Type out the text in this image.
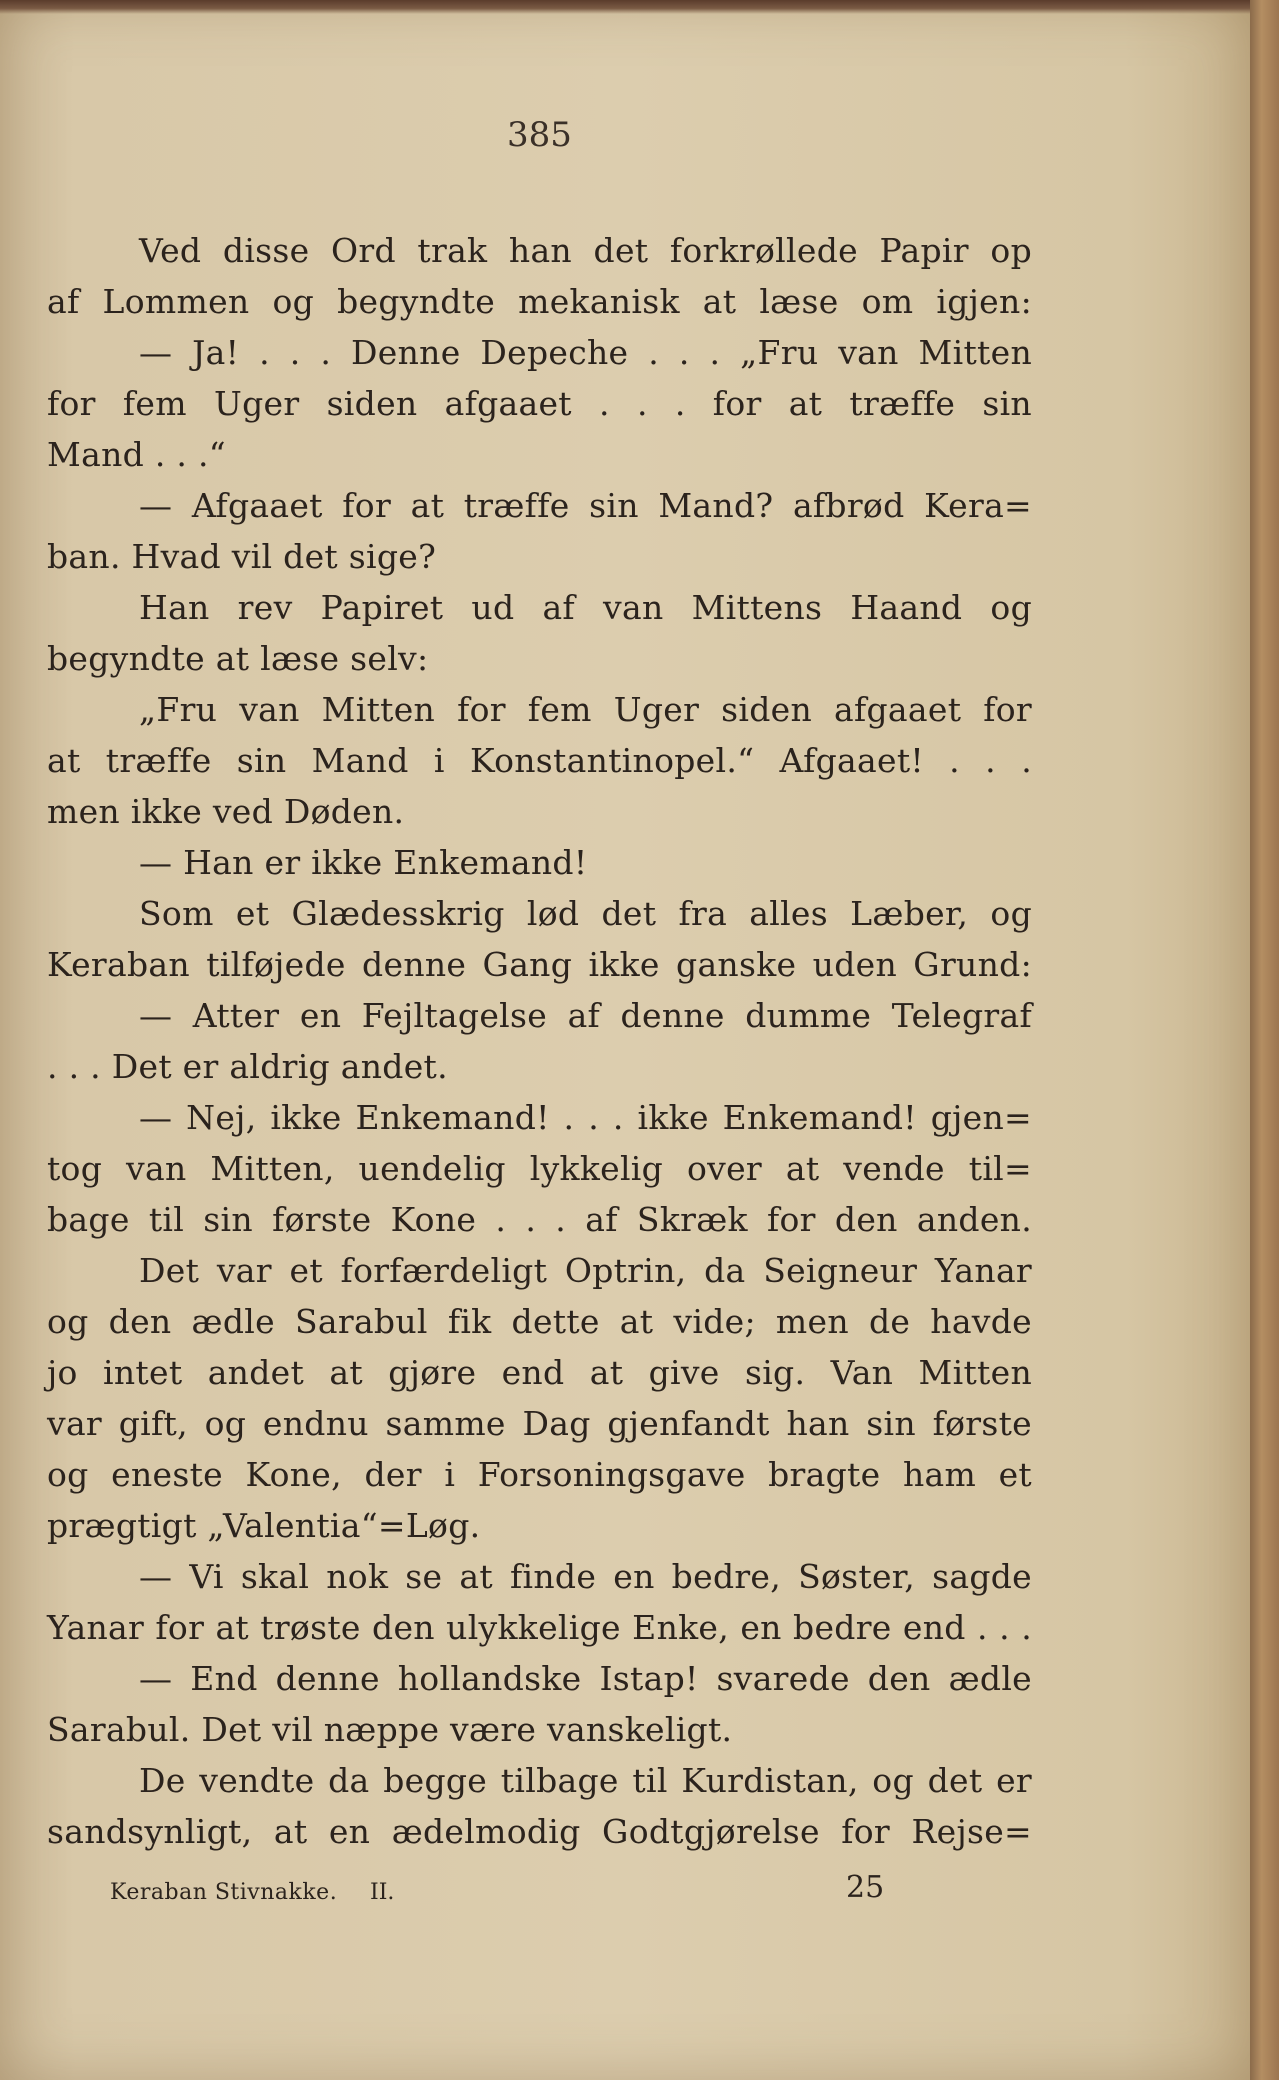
385
Ved disse Ord trak han det forkrøllede Papir op
af Lommen og begyndte mekanisk at læse om igjen:
— Ja! . . . Denne Depeche . . . „Fru van Mitten
for fem Uger siden afgaaet . . . for at træffe sin
Mand . . .“
— Afgaaet for at træffe sin Mand? afbrød Kera=
ban. Hvad vil det sige?
Han rev Papiret ud af van Mittens Haand og
begyndte at læse selv:
„Fru van Mitten for fem Uger siden afgaaet for
at træffe sin Mand i Konstantinopel.“ Afgaaet! . . .
men ikke ved Døden.
— Han er ikke Enkemand!
Som et Glædesskrig lød det fra alles Læber, og
Keraban tilføjede denne Gang ikke ganske uden Grund:
— Atter en Fejltagelse af denne dumme Telegraf
. . . Det er aldrig andet.
— Nej, ikke Enkemand! . . . ikke Enkemand! gjen=
tog van Mitten, uendelig lykkelig over at vende til=
bage til sin første Kone . . . af Skræk for den anden.
Det var et forfærdeligt Optrin, da Seigneur Yanar
og den ædle Sarabul fik dette at vide; men de havde
jo intet andet at gjøre end at give sig. Van Mitten
var gift, og endnu samme Dag gjenfandt han sin første
og eneste Kone, der i Forsoningsgave bragte ham et
prægtigt „Valentia“=Løg.
— Vi skal nok se at finde en bedre, Søster, sagde
Yanar for at trøste den ulykkelige Enke, en bedre end . . .
— End denne hollandske Istap! svarede den ædle
Sarabul. Det vil næppe være vanskeligt.
De vendte da begge tilbage til Kurdistan, og det er
sandsynligt, at en ædelmodig Godtgjørelse for Rejse=
Keraban Stivnakke. II.	25
